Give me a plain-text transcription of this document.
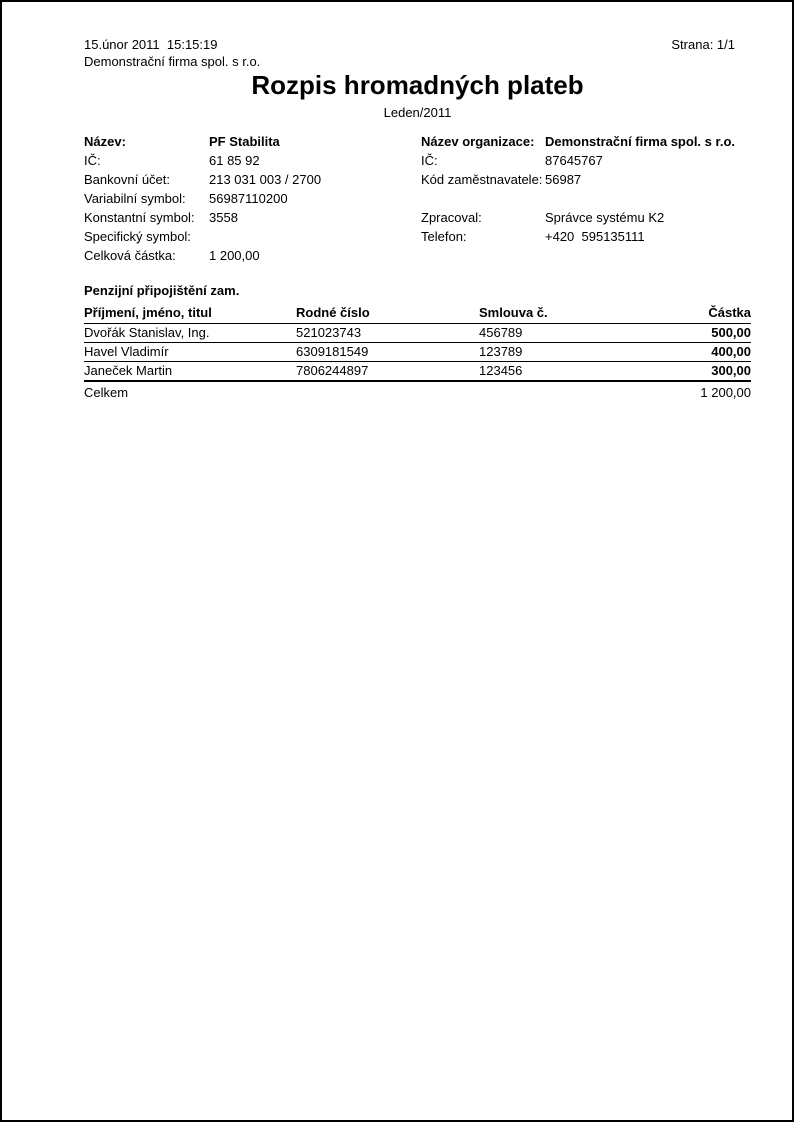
15.únor 2011  15:15:19
Demonstrační firma spol. s r.o.
Strana: 1/1
Rozpis hromadných plateb
Leden/2011
Název:	PF Stabilita
IČ:	61 85 92
Bankovní účet:	213 031 003 / 2700
Variabilní symbol:	56987110200
Konstantní symbol:	3558
Specifický symbol:
Celková částka:	1 200,00
Název organizace: Demonstrační firma spol. s r.o.
IČ:	87645767
Kód zaměstnavatele: 56987
Zpracoval:	Správce systému K2
Telefon:	+420  595135111
Penzijní připojištění zam.
Příjmení, jméno, titul	Rodné číslo	Smlouva č.	Částka
Dvořák Stanislav, Ing.	521023743	456789	500,00
Havel Vladimír	6309181549	123789	400,00
Janeček Martin	7806244897	123456	300,00
Celkem	1 200,00
